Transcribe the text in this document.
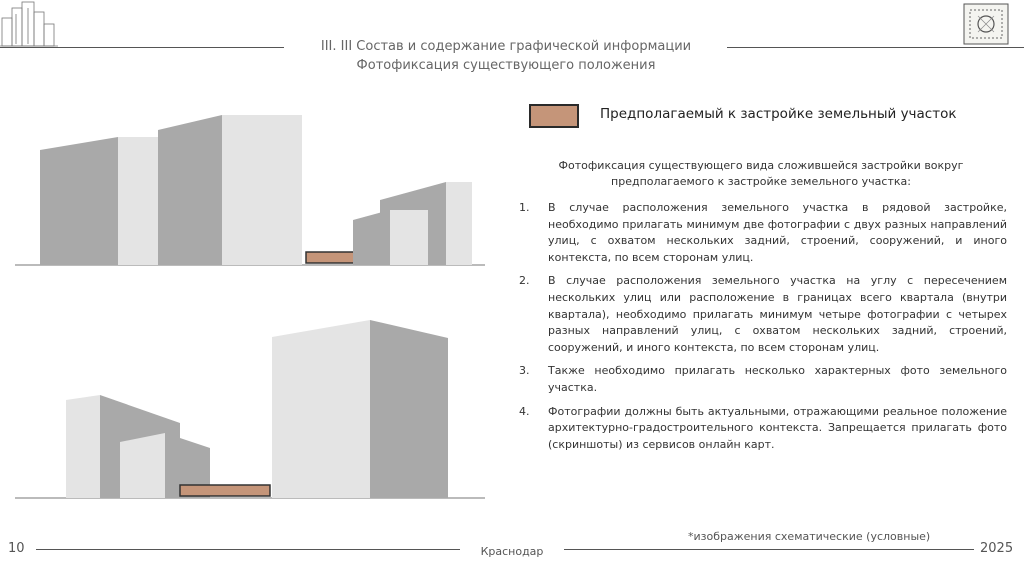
III. III Состав и содержание графической информации
Фотофиксация существующего положения
Предполагаемый к застройке земельный участок
Фотофиксация существующего вида сложившейся застройки вокруг
предполагаемого к застройке земельного участка:
1. В случае расположения земельного участка в рядовой застройке, необходимо прилагать минимум две фотографии с двух разных направлений улиц, с охватом нескольких задний, строений, сооружений, и иного контекста, по всем сторонам улиц.
2. В случае расположения земельного участка на углу с пересечением нескольких улиц или расположение в границах всего квартала (внутри квартала), необходимо прилагать минимум четыре фотографии с четырех разных направлений улиц, с охватом нескольких задний, строений, сооружений, и иного контекста, по всем сторонам улиц.
3. Также необходимо прилагать несколько характерных фото земельного участка.
4. Фотографии должны быть актуальными, отражающими реальное положение архитектурно-градостроительного контекста. Запрещается прилагать фото (скриншоты) из сервисов онлайн карт.
*изображения схематические (условные)
10	Краснодар	2025
